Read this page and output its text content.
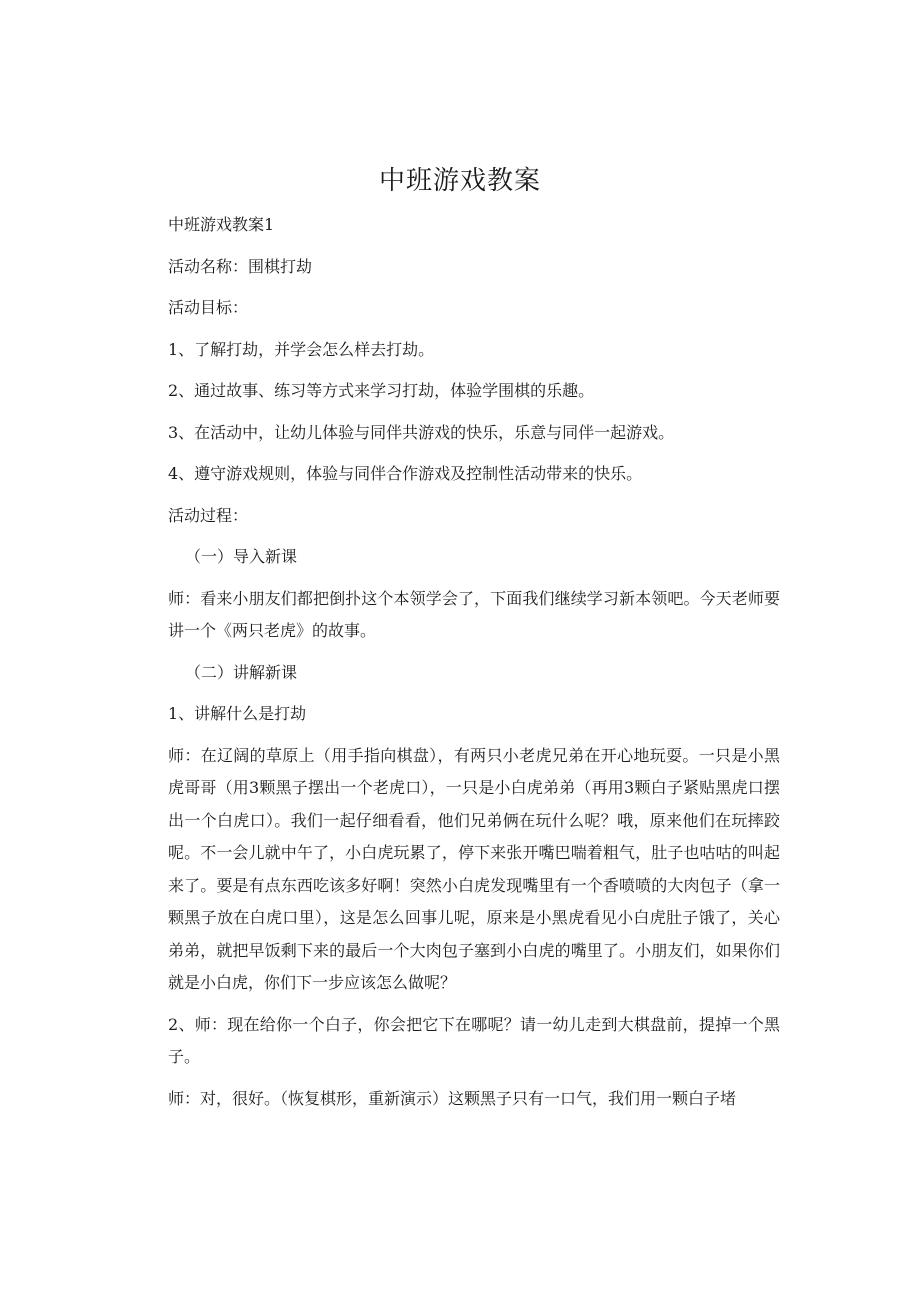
中班游戏教案

中班游戏教案1

活动名称：围棋打劫

活动目标：

1、了解打劫，并学会怎么样去打劫。

2、通过故事、练习等方式来学习打劫，体验学围棋的乐趣。

3、在活动中，让幼儿体验与同伴共游戏的快乐，乐意与同伴一起游戏。

4、遵守游戏规则，体验与同伴合作游戏及控制性活动带来的快乐。

活动过程：

（一）导入新课

师：看来小朋友们都把倒扑这个本领学会了，下面我们继续学习新本领吧。今天老师要讲一个《两只老虎》的故事。

（二）讲解新课

1、讲解什么是打劫

师：在辽阔的草原上（用手指向棋盘），有两只小老虎兄弟在开心地玩耍。一只是小黑虎哥哥（用3颗黑子摆出一个老虎口），一只是小白虎弟弟（再用3颗白子紧贴黑虎口摆出一个白虎口）。我们一起仔细看看，他们兄弟俩在玩什么呢？哦，原来他们在玩摔跤呢。不一会儿就中午了，小白虎玩累了，停下来张开嘴巴喘着粗气，肚子也咕咕的叫起来了。要是有点东西吃该多好啊！突然小白虎发现嘴里有一个香喷喷的大肉包子（拿一颗黑子放在白虎口里），这是怎么回事儿呢，原来是小黑虎看见小白虎肚子饿了，关心弟弟，就把早饭剩下来的最后一个大肉包子塞到小白虎的嘴里了。小朋友们，如果你们就是小白虎，你们下一步应该怎么做呢？

2、师：现在给你一个白子，你会把它下在哪呢？请一幼儿走到大棋盘前，提掉一个黑子。

师：对，很好。（恢复棋形，重新演示）这颗黑子只有一口气，我们用一颗白子堵
